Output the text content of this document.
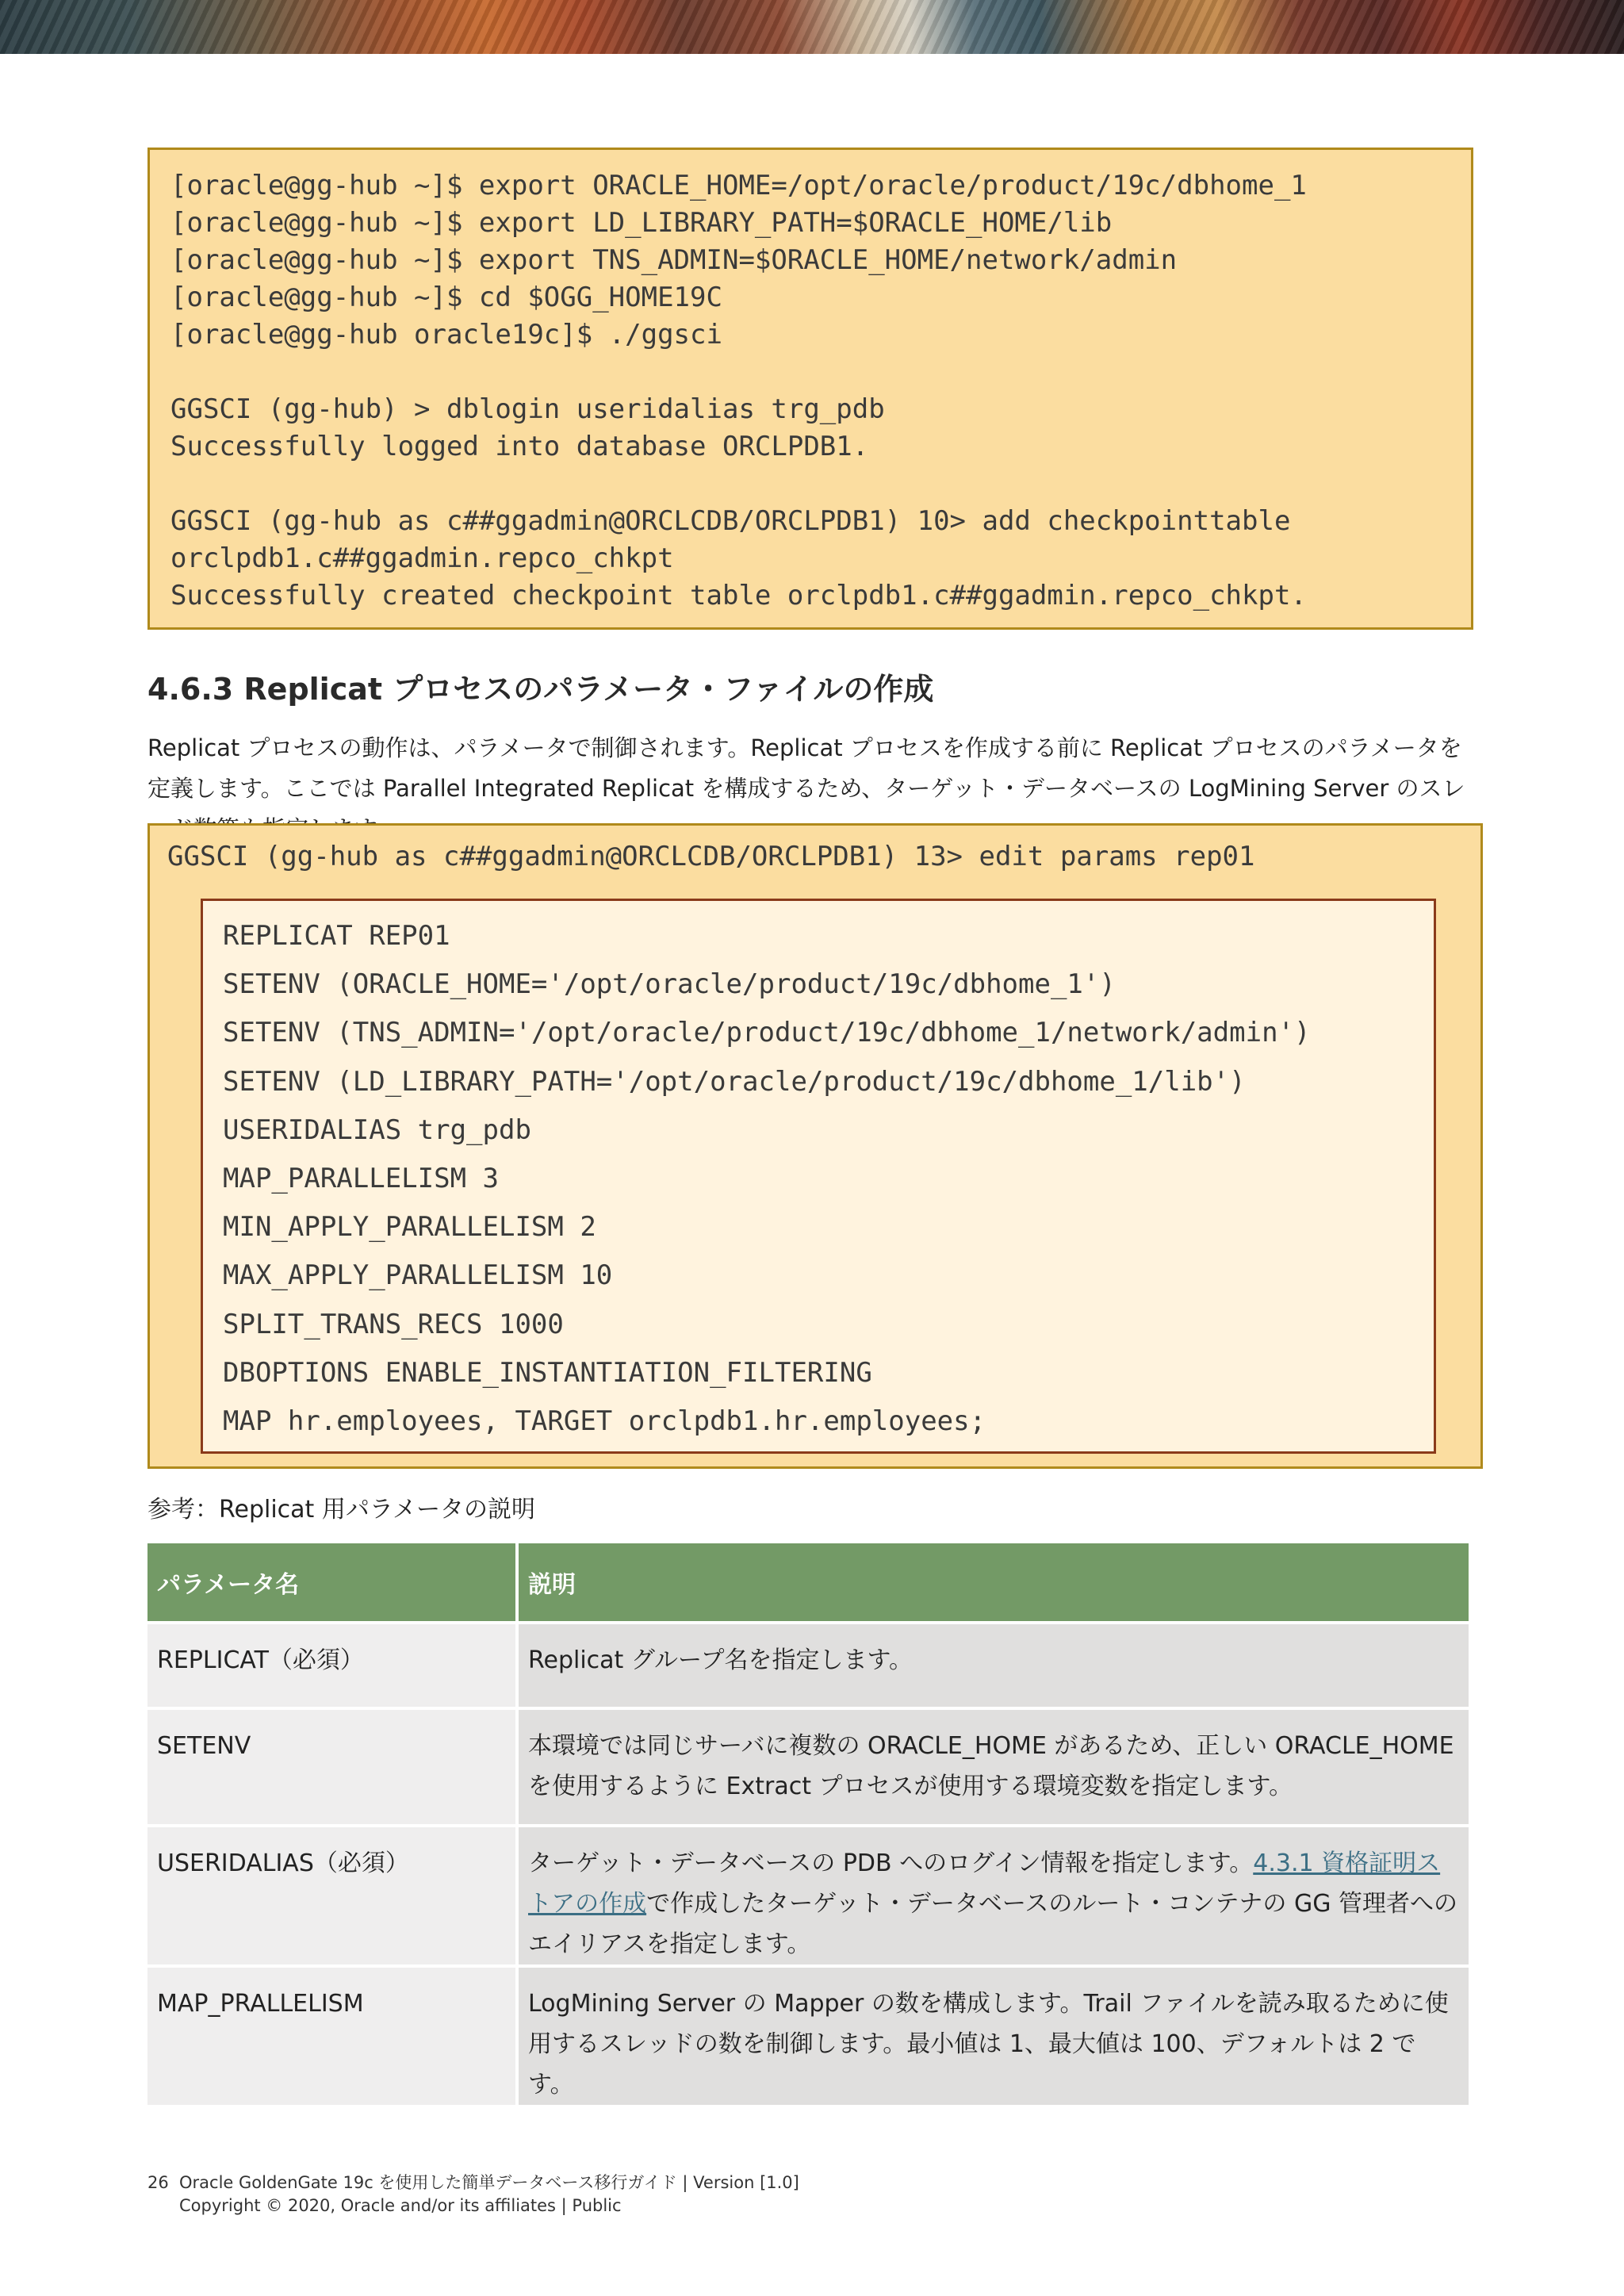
[oracle@gg-hub ~]$ export ORACLE_HOME=/opt/oracle/product/19c/dbhome_1
[oracle@gg-hub ~]$ export LD_LIBRARY_PATH=$ORACLE_HOME/lib
[oracle@gg-hub ~]$ export TNS_ADMIN=$ORACLE_HOME/network/admin
[oracle@gg-hub ~]$ cd $OGG_HOME19C
[oracle@gg-hub oracle19c]$ ./ggsci
GGSCI (gg-hub) > dblogin useridalias trg_pdb
Successfully logged into database ORCLPDB1.
GGSCI (gg-hub as c##ggadmin@ORCLCDB/ORCLPDB1) 10> add checkpointtable
orclpdb1.c##ggadmin.repco_chkpt
Successfully created checkpoint table orclpdb1.c##ggadmin.repco_chkpt.
4.6.3 Replicat プロセスのパラメータ・ファイルの作成
Replicat プロセスの動作は、パラメータで制御されます。Replicat プロセスを作成する前に Replicat プロセスのパラメータを定義します。ここでは Parallel Integrated Replicat を構成するため、ターゲット・データベースの LogMining Server のスレ
GGSCI (gg-hub as c##ggadmin@ORCLCDB/ORCLPDB1) 13> edit params rep01
REPLICAT REP01
SETENV (ORACLE_HOME='/opt/oracle/product/19c/dbhome_1')
SETENV (TNS_ADMIN='/opt/oracle/product/19c/dbhome_1/network/admin')
SETENV (LD_LIBRARY_PATH='/opt/oracle/product/19c/dbhome_1/lib')
USERIDALIAS trg_pdb
MAP_PARALLELISM 3
MIN_APPLY_PARALLELISM 2
MAX_APPLY_PARALLELISM 10
SPLIT_TRANS_RECS 1000
DBOPTIONS ENABLE_INSTANTIATION_FILTERING
MAP hr.employees, TARGET orclpdb1.hr.employees;
参考：Replicat 用パラメータの説明
パラメータ名	説明
REPLICAT（必須）	Replicat グループ名を指定します。
SETENV	本環境では同じサーバに複数の ORACLE_HOME があるため、正しい ORACLE_HOME を使用するように Extract プロセスが使用する環境変数を指定します。
USERIDALIAS（必須）	ターゲット・データベースの PDB へのログイン情報を指定します。4.3.1 資格証明ストアの作成で作成したターゲット・データベースのルート・コンテナの GG 管理者へのエイリアスを指定します。
MAP_PRALLELISM	LogMining Server の Mapper の数を構成します。Trail ファイルを読み取るために使用するスレッドの数を制御します。最小値は 1、最大値は 100、デフォルトは 2 です。
26 Oracle GoldenGate 19c を使用した簡単データベース移行ガイド | Version [1.0]
Copyright © 2020, Oracle and/or its affiliates | Public
